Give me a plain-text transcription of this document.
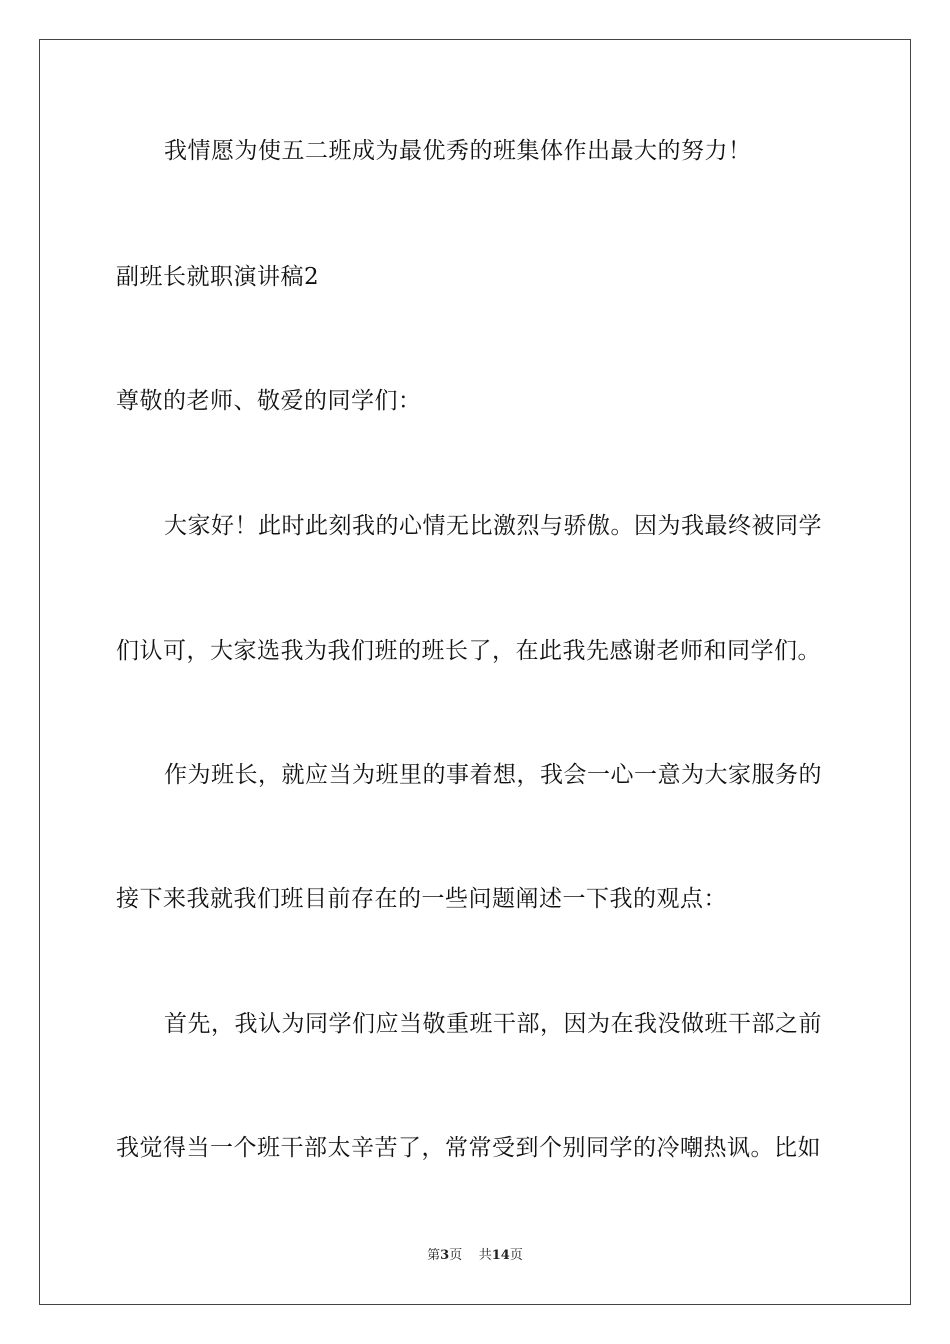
我情愿为使五二班成为最优秀的班集体作出最大的努力！
副班长就职演讲稿2
尊敬的老师、敬爱的同学们：
大家好！此时此刻我的心情无比激烈与骄傲。因为我最终被同学
们认可，大家选我为我们班的班长了，在此我先感谢老师和同学们。
作为班长，就应当为班里的事着想，我会一心一意为大家服务的
接下来我就我们班目前存在的一些问题阐述一下我的观点：
首先，我认为同学们应当敬重班干部，因为在我没做班干部之前
我觉得当一个班干部太辛苦了，常常受到个别同学的冷嘲热讽。比如
第3页 共14页
